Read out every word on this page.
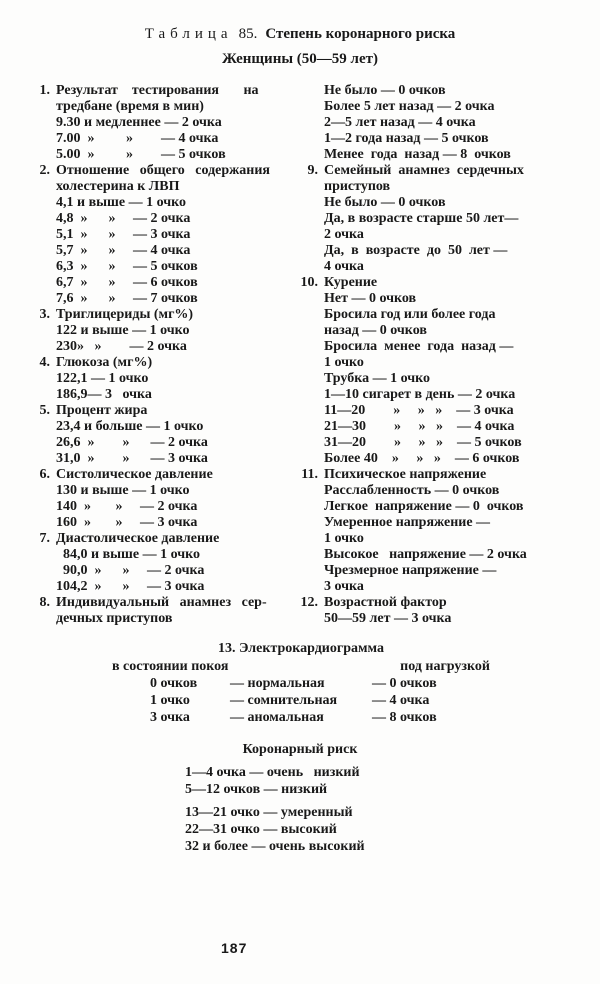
Таблица 85. Степень коронарного риска
Женщины (50—59 лет)
1. Результат    тестирования       на
тредбане (время в мин)
9.30 и медленнее — 2 очка
7.00  »         »        — 4 очка
5.00  »         »        — 5 очков
2. Отношение   общего   содержания
холестерина к ЛВП
4,1 и выше — 1 очко
4,8  »      »     — 2 очка
5,1  »      »     — 3 очка
5,7  »      »     — 4 очка
6,3  »      »     — 5 очков
6,7  »      »     — 6 очков
7,6  »      »     — 7 очков
3. Триглицериды (мг%)
122 и выше — 1 очко
230»   »        — 2 очка
4. Глюкоза (мг%)
122,1 — 1 очко
186,9— 3   очка
5. Процент жира
23,4 и больше — 1 очко
26,6  »        »      — 2 очка
31,0  »        »      — 3 очка
6. Систолическое давление
130 и выше — 1 очко
140  »       »     — 2 очка
160  »       »     — 3 очка
7. Диастолическое давление
84,0 и выше — 1 очко
90,0  »      »     — 2 очка
104,2  »      »     — 3 очка
8. Индивидуальный   анамнез   сер-
дечных приступов
Не было — 0 очков
Более 5 лет назад — 2 очка
2—5 лет назад — 4 очка
1—2 года назад — 5 очков
Менее  года  назад — 8  очков
9. Семейный  анамнез  сердечных
приступов
Не было — 0 очков
Да, в возрасте старше 50 лет—
2 очка
Да,  в  возрасте  до  50  лет —
4 очка
10. Курение
Нет — 0 очков
Бросила год или более года
назад — 0 очков
Бросила  менее  года  назад —
1 очко
Трубка — 1 очко
1—10 сигарет в день — 2 очка
11—20        »     »   »    — 3 очка
21—30        »     »   »    — 4 очка
31—20        »     »   »    — 5 очков
Более 40    »     »   »    — 6 очков
11. Психическое напряжение
Расслабленность — 0 очков
Легкое  напряжение — 0  очков
Умеренное напряжение —
1 очко
Высокое   напряжение — 2 очка
Чрезмерное напряжение —
3 очка
12. Возрастной фактор
50—59 лет — 3 очка
13. Электрокардиограмма
в состоянии покоя	под нагрузкой
0 очков	— нормальная	— 0 очков
1 очко	— сомнительная	— 4 очка
3 очка	— аномальная	— 8 очков
Коронарный риск
1—4 очка — очень   низкий
5—12 очков — низкий
13—21 очко — умеренный
22—31 очко — высокий
32 и более — очень высокий
187
